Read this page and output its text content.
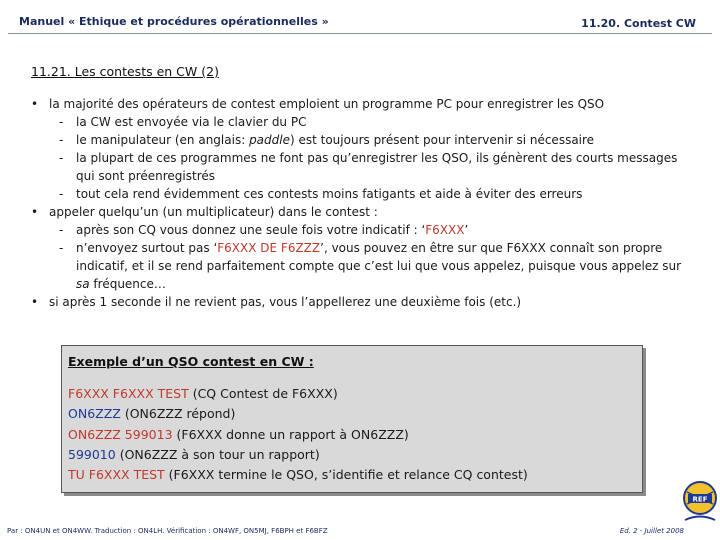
Manuel « Ethique et procédures opérationnelles »	11.20. Contest CW
11.21. Les contests en CW (2)
• la majorité des opérateurs de contest emploient un programme PC pour enregistrer les QSO
- la CW est envoyée via le clavier du PC
- le manipulateur (en anglais: paddle) est toujours présent pour intervenir si nécessaire
- la plupart de ces programmes ne font pas qu’enregistrer les QSO, ils génèrent des courts messages qui sont préenregistrés
- tout cela rend évidemment ces contests moins fatigants et aide à éviter des erreurs
• appeler quelqu’un (un multiplicateur) dans le contest :
- après son CQ vous donnez une seule fois votre indicatif : ‘F6XXX’
- n’envoyez surtout pas ‘F6XXX DE F6ZZZ’, vous pouvez en être sur que F6XXX connaît son propre indicatif, et il se rend parfaitement compte que c’est lui que vous appelez, puisque vous appelez sur sa fréquence…
• si après 1 seconde il ne revient pas, vous l’appellerez une deuxième fois (etc.)
Exemple d’un QSO contest en CW :
F6XXX F6XXX TEST (CQ Contest de F6XXX)
ON6ZZZ (ON6ZZZ répond)
ON6ZZZ 599013 (F6XXX donne un rapport à ON6ZZZ)
599010 (ON6ZZZ à son tour un rapport)
TU F6XXX TEST (F6XXX termine le QSO, s’identifie et relance CQ contest)
Par : ON4UN et ON4WW. Traduction : ON4LH. Vérification : ON4WF, ON5MJ, F6BPH et F6BFZ	Ed. 2 - Juillet 2008
REF
